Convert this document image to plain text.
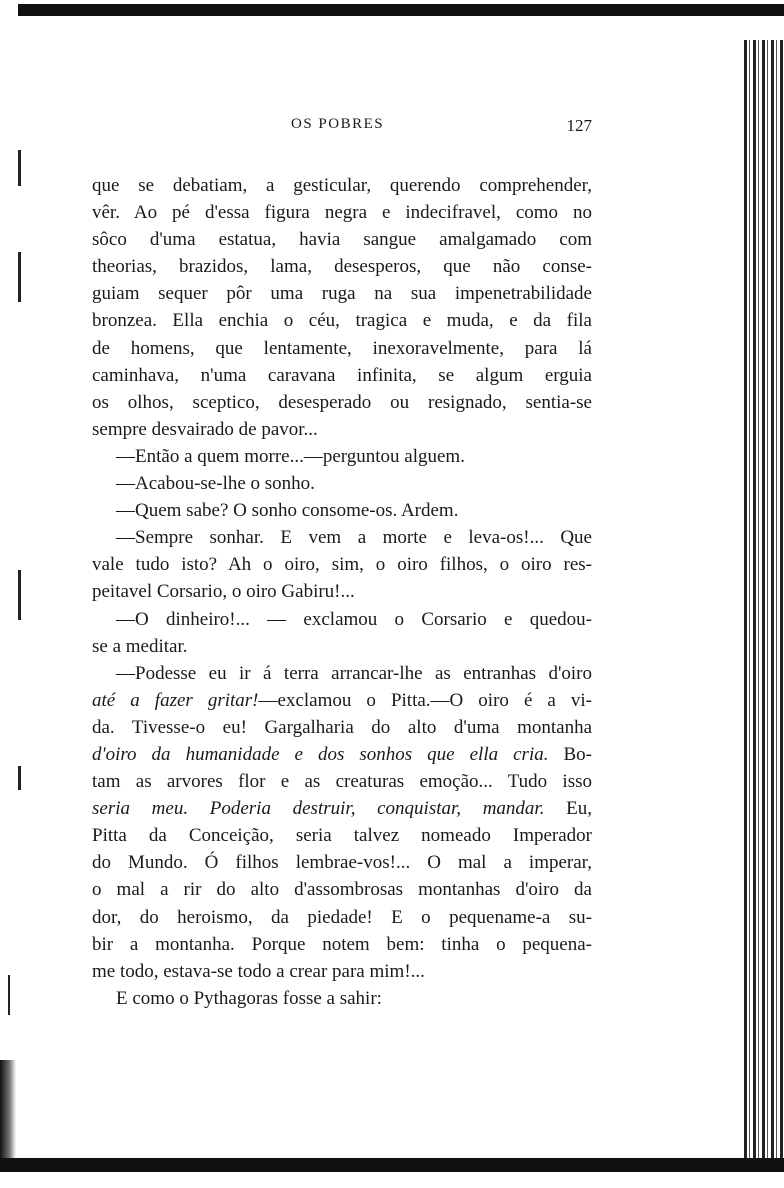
OS POBRES	127
que se debatiam, a gesticular, querendo comprehender,
vêr. Ao pé d'essa figura negra e indecifravel, como no
sôco d'uma estatua, havia sangue amalgamado com
theorias, brazidos, lama, desesperos, que não conse-
guiam sequer pôr uma ruga na sua impenetrabilidade
bronzea. Ella enchia o céu, tragica e muda, e da fila
de homens, que lentamente, inexoravelmente, para lá
caminhava, n'uma caravana infinita, se algum erguia
os olhos, sceptico, desesperado ou resignado, sentia-se
sempre desvairado de pavor...
—Então a quem morre...—perguntou alguem.
—Acabou-se-lhe o sonho.
—Quem sabe? O sonho consome-os. Ardem.
—Sempre sonhar. E vem a morte e leva-os!... Que
vale tudo isto? Ah o oiro, sim, o oiro filhos, o oiro res-
peitavel Corsario, o oiro Gabiru!...
—O dinheiro!... — exclamou o Corsario e quedou-
se a meditar.
—Podesse eu ir á terra arrancar-lhe as entranhas d'oiro
até a fazer gritar!—exclamou o Pitta.—O oiro é a vi-
da. Tivesse-o eu! Gargalharia do alto d'uma montanha
d'oiro da humanidade e dos sonhos que ella cria. Bo-
tam as arvores flor e as creaturas emoção... Tudo isso
seria meu. Poderia destruir, conquistar, mandar. Eu,
Pitta da Conceição, seria talvez nomeado Imperador
do Mundo. Ó filhos lembrae-vos!... O mal a imperar,
o mal a rir do alto d'assombrosas montanhas d'oiro da
dor, do heroismo, da piedade! E o pequename-a su-
bir a montanha. Porque notem bem: tinha o pequena-
me todo, estava-se todo a crear para mim!...
E como o Pythagoras fosse a sahir:
